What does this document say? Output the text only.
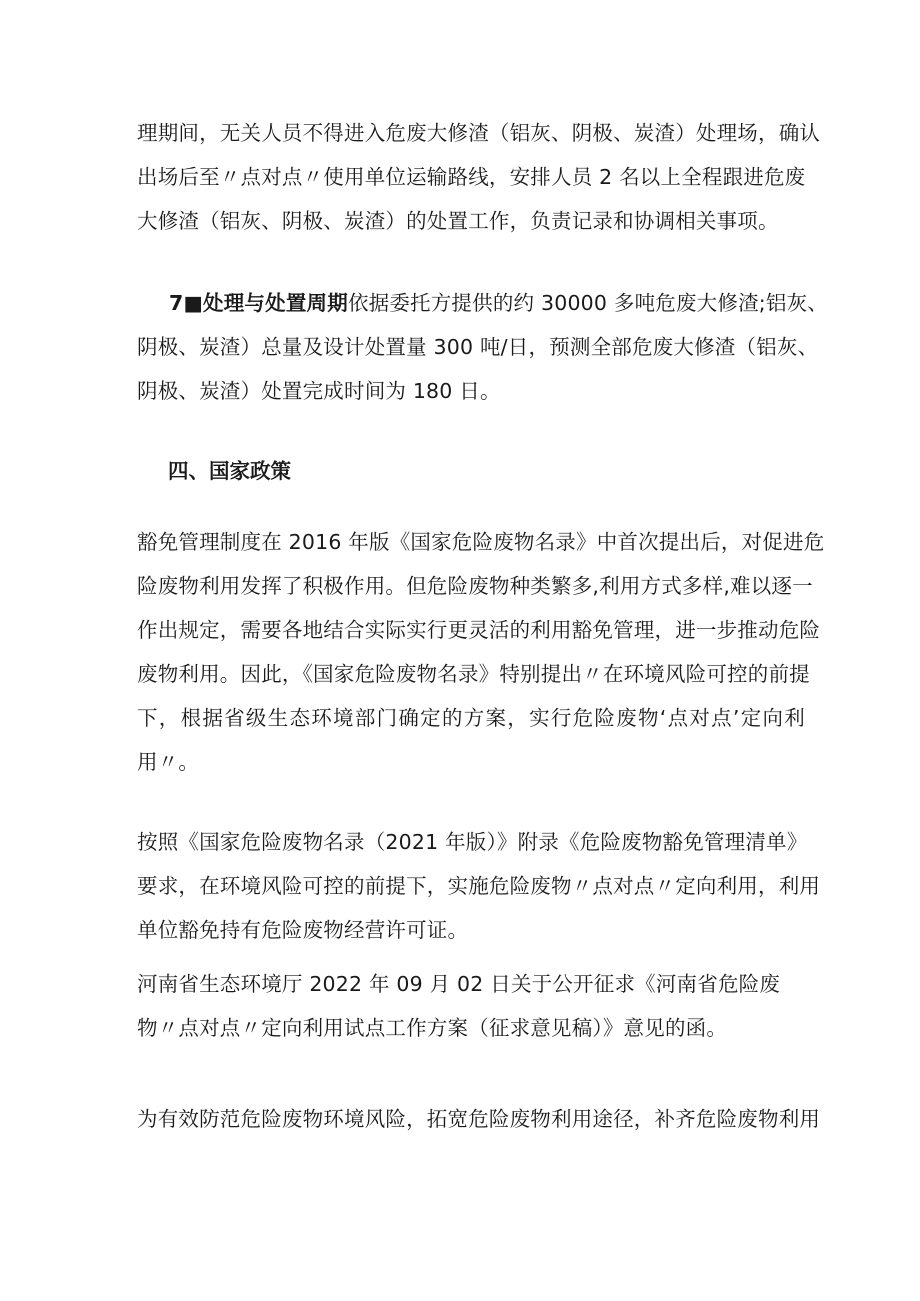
理期间，无关人员不得进入危废大修渣（铝灰、阴极、炭渣）处理场，确认
出场后至〃点对点〃使用单位运输路线，安排人员 2 名以上全程跟进危废
大修渣（铝灰、阴极、炭渣）的处置工作，负责记录和协调相关事项。
7■处理与处置周期依据委托方提供的约 30000 多吨危废大修渣;铝灰、
阴极、炭渣）总量及设计处置量 300 吨/日，预测全部危废大修渣（铝灰、
阴极、炭渣）处置完成时间为 180 日。
四、国家政策
豁免管理制度在 2016 年版《国家危险废物名录》中首次提出后，对促进危
险废物利用发挥了积极作用。但危险废物种类繁多,利用方式多样,难以逐一
作出规定，需要各地结合实际实行更灵活的利用豁免管理，进一步推动危险
废物利用。因此，《国家危险废物名录》特别提出〃在环境风险可控的前提
下，根据省级生态环境部门确定的方案，实行危险废物‘点对点’定向利
用〃。
按照《国家危险废物名录（2021 年版）》附录《危险废物豁免管理清单》
要求，在环境风险可控的前提下，实施危险废物〃点对点〃定向利用，利用
单位豁免持有危险废物经营许可证。
河南省生态环境厅 2022 年 09 月 02 日关于公开征求《河南省危险废
物〃点对点〃定向利用试点工作方案（征求意见稿）》意见的函。
为有效防范危险废物环境风险，拓宽危险废物利用途径，补齐危险废物利用
